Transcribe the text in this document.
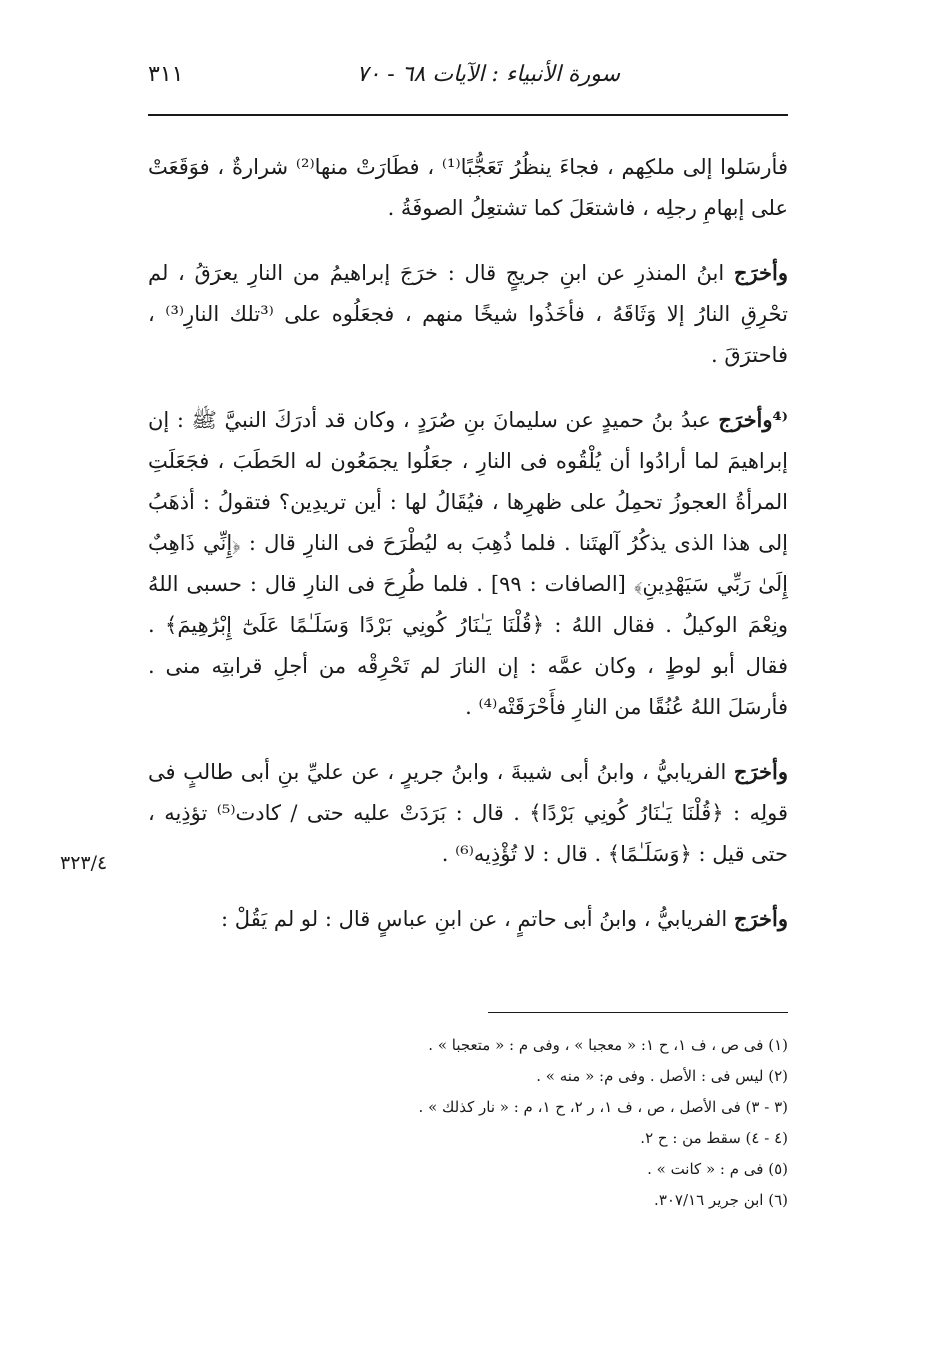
سورة الأنبياء : الآيات ٦٨ - ٧٠
٣١١

فأرسَلوا إلى ملكِهم ، فجاءَ ينظُرُ تَعَجُّبًا⁽¹⁾ ، فطَارَتْ منها⁽²⁾ شرارةٌ ، فوَقَعَتْ على إبهامِ رجلِه ، فاشتعَلَ كما تشتعِلُ الصوفَةُ .

وأخرَج ابنُ المنذرِ عن ابنِ جريجٍ قال : خرَجَ إبراهيمُ من النارِ يعرَقُ ، لم تحْرِقِ النارُ إلا وَثَاقَهُ ، فأخَذُوا شيخًا منهم ، فجعَلُوه على ⁽³تلك النارِ⁽³⁾ ، فاحترَقَ .

⁽⁴وأخرَج عبدُ بنُ حميدٍ عن سليمانَ بنِ صُرَدٍ ، وكان قد أدرَكَ النبيَّ ﷺ : إن إبراهيمَ لما أرادُوا أن يُلْقُوه فى النارِ ، جعَلُوا يجمَعُون له الحَطَبَ ، فجَعَلَتِ المرأةُ العجوزُ تحمِلُ على ظهرِها ، فيُقَالُ لها : أين تريدِين؟ فتقولُ : أذهَبُ إلى هذا الذى يذكُرُ آلهتَنا . فلما ذُهِبَ به ليُطْرَحَ فى النارِ قال : ﴿إِنِّي ذَاهِبٌ إِلَىٰ رَبِّي سَيَهْدِينِ﴾ [الصافات : ٩٩] . فلما طُرِحَ فى النارِ قال : حسبى اللهُ ونِعْمَ الوكيلُ . فقال اللهُ : ﴿قُلْنَا يَـٰنَارُ كُونِي بَرْدًا وَسَلَـٰمًا عَلَىٰٓ إِبْرَٰهِيمَ﴾ . فقال أبو لوطٍ ، وكان عمَّه : إن النارَ لم تَحْرِقْه من أجلِ قرابتِه منى . فأرسَلَ اللهُ عُنُقًا من النارِ فأَحْرَقَتْه⁽⁴⁾ .

وأخرَج الفريابيُّ ، وابنُ أبى شيبةَ ، وابنُ جريرٍ ، عن عليِّ بنِ أبى طالبٍ فى قولِه : ﴿قُلْنَا يَـٰنَارُ كُونِي بَرْدًا﴾ . قال : بَرَدَتْ عليه حتى / كادت⁽⁵⁾ تؤذِيه ، حتى قيل : ﴿وَسَلَـٰمًا﴾ . قال : لا تُؤْذِيه⁽⁶⁾ .

وأخرَج الفريابيُّ ، وابنُ أبى حاتمٍ ، عن ابنِ عباسٍ قال : لو لم يَقُلْ :

٣٢٣/٤
(١) فى ص ، ف ١، ح ١: « معجبا » ، وفى م : « متعجبا » .
(٢) ليس فى : الأصل . وفى م: « منه » .
(٣ - ٣) فى الأصل ، ص ، ف ١، ر ٢، ح ١، م : « نار كذلك » .
(٤ - ٤) سقط من : ح ٢.
(٥) فى م : « كانت » .
(٦) ابن جرير ٣٠٧/١٦.
